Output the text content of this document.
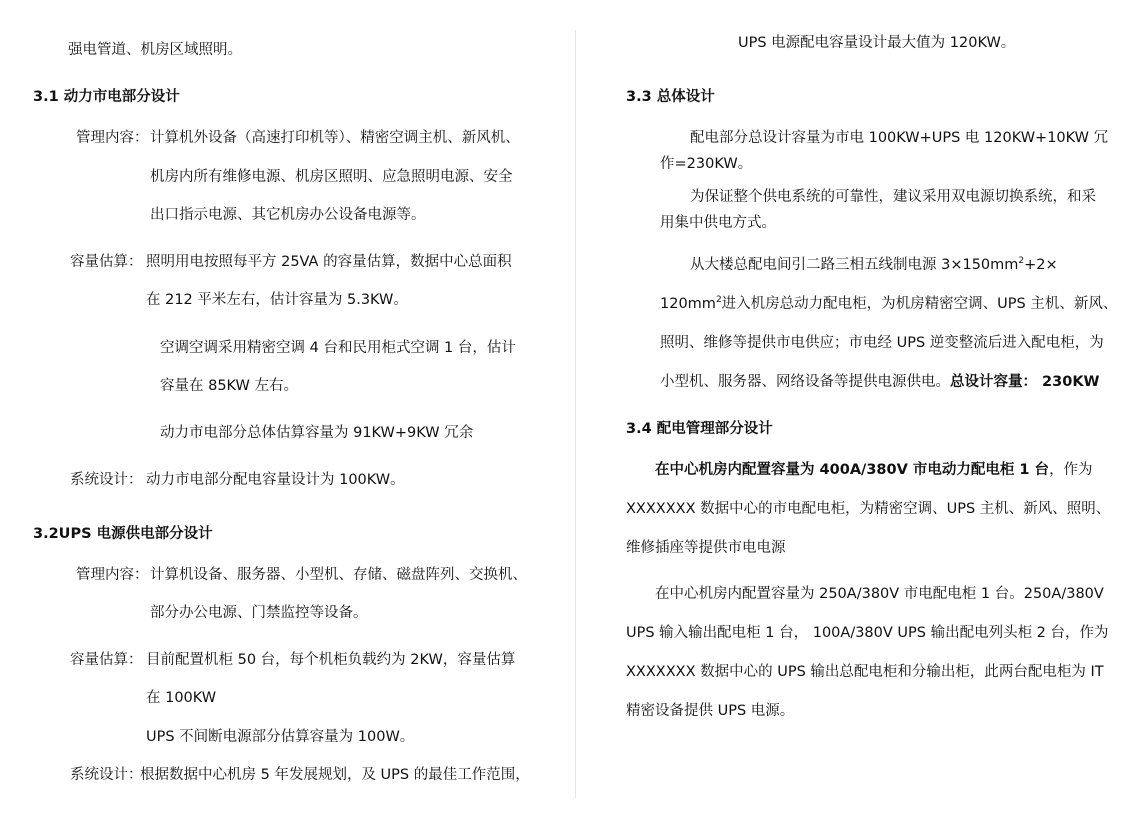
强电管道、机房区域照明。
3.1 动力市电部分设计
管理内容： 计算机外设备（高速打印机等）、精密空调主机、新风机、
机房内所有维修电源、机房区照明、应急照明电源、安全
出口指示电源、其它机房办公设备电源等。
容量估算： 照明用电按照每平方 25VA 的容量估算，数据中心总面积
在 212 平米左右，估计容量为 5.3KW。
空调空调采用精密空调 4 台和民用柜式空调 1 台，估计
容量在 85KW 左右。
动力市电部分总体估算容量为 91KW+9KW 冗余
系统设计： 动力市电部分配电容量设计为 100KW。
3.2UPS 电源供电部分设计
管理内容： 计算机设备、服务器、小型机、存储、磁盘阵列、交换机、
部分办公电源、门禁监控等设备。
容量估算： 目前配置机柜 50 台，每个机柜负载约为 2KW，容量估算
在 100KW
UPS 不间断电源部分估算容量为 100W。
系统设计：
根据数据中心机房 5 年发展规划，及 UPS 的最佳工作范围，
UPS 电源配电容量设计最大值为 120KW。
3.3 总体设计
配电部分总设计容量为市电 100KW+UPS 电 120KW+10KW 冗
作=230KW。
为保证整个供电系统的可靠性，建议采用双电源切换系统，和采
用集中供电方式。
从大楼总配电间引二路三相五线制电源 $3\times 150mm^2+2\times$
$120mm^2$进入机房总动力配电柜，为机房精密空调、UPS 主机、新风、
照明、维修等提供市电供应；市电经 UPS 逆变整流后进入配电柜，为
小型机、服务器、网络设备等提供电源供电。总设计容量： 230KW
3.4 配电管理部分设计
在中心机房内配置容量为 400A/380V 市电动力配电柜 1 台，作为
XXXXXXX 数据中心的市电配电柜，为精密空调、UPS 主机、新风、照明、
维修插座等提供市电电源
在中心机房内配置容量为 250A/380V 市电配电柜 1 台。250A/380V
UPS 输入输出配电柜 1 台， 100A/380V UPS 输出配电列头柜 2 台，作为
XXXXXXX 数据中心的 UPS 输出总配电柜和分输出柜，此两台配电柜为 IT
精密设备提供 UPS 电源。
